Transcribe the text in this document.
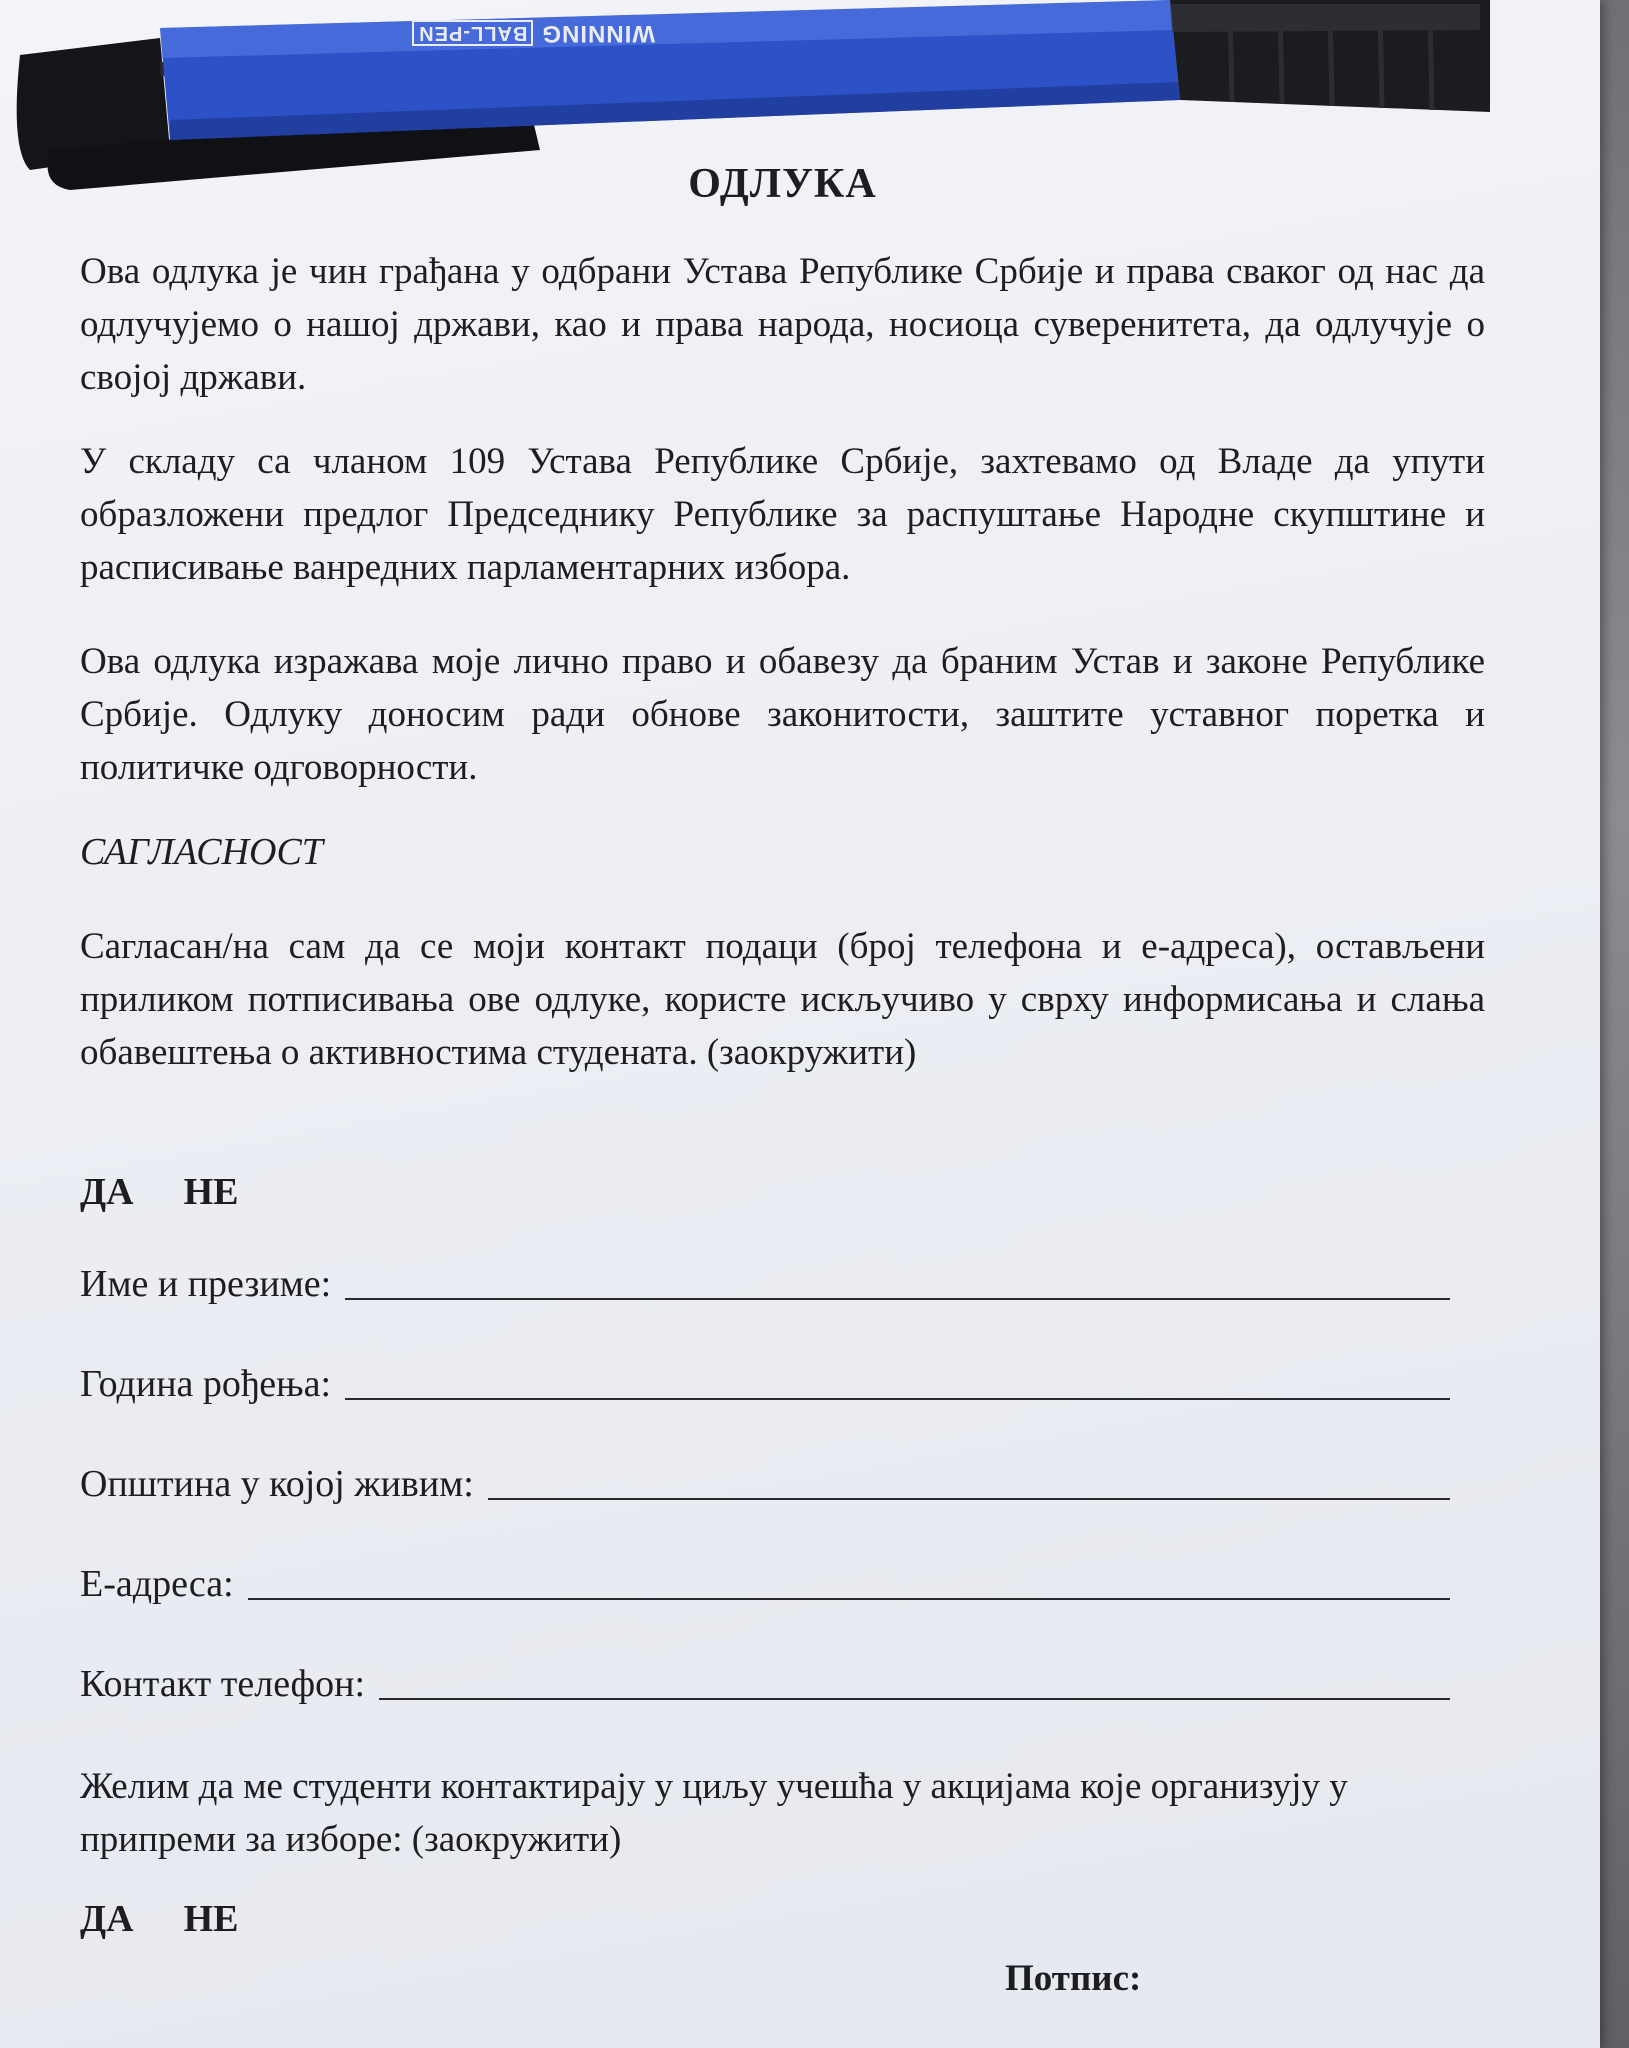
WINNING
BALL-PEN
ОДЛУКА

Ова одлука је чин грађана у одбрани Устава Републике Србије и права сваког од нас да одлучујемо о нашој држави, као и права народа, носиоца суверенитета, да одлучује о својој држави.

У складу са чланом 109 Устава Републике Србије, захтевамо од Владе да упути образложени предлог Председнику Републике за распуштање Народне скупштине и расписивање ванредних парламентарних избора.

Ова одлука изражава моје лично право и обавезу да браним Устав и законе Републике Србије. Одлуку доносим ради обнове законитости, заштите уставног поретка и политичке одговорности.

САГЛАСНОСТ

Сагласан/на сам да се моји контакт подаци (број телефона и е-адреса), остављени приликом потписивања ове одлуке, користе искључиво у сврху информисања и слања обавештења о активностима студената. (заокружити)

ДА НЕ
Име и презиме:
Година рођења:
Општина у којој живим:
Е-адреса:
Контакт телефон:

Желим да ме студенти контактирају у циљу учешћа у акцијама које организују у припреми за изборе: (заокружити)

ДА НЕ
Потпис:
